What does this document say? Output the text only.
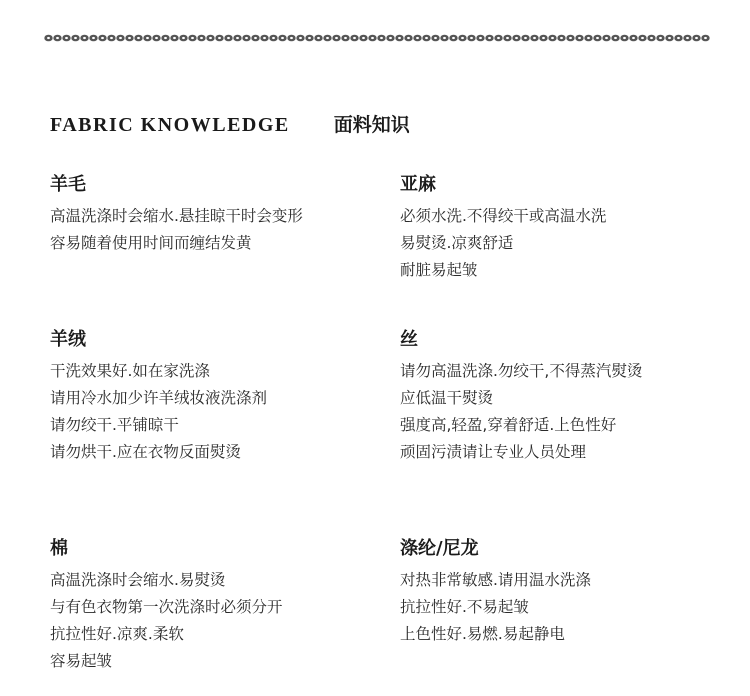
FABRIC KNOWLEDGE 面料知识
羊毛
高温洗涤时会缩水.悬挂晾干时会变形
容易随着使用时间而缠结发黄
亚麻
必须水洗.不得绞干或高温水洗
易熨烫.凉爽舒适
耐脏易起皱
羊绒
干洗效果好.如在家洗涤
请用冷水加少许羊绒妆液洗涤剂
请勿绞干.平铺晾干
请勿烘干.应在衣物反面熨烫
丝
请勿高温洗涤.勿绞干,不得蒸汽熨烫
应低温干熨烫
强度高,轻盈,穿着舒适.上色性好
顽固污渍请让专业人员处理
棉
高温洗涤时会缩水.易熨烫
与有色衣物第一次洗涤时必须分开
抗拉性好.凉爽.柔软
容易起皱
涤纶/尼龙
对热非常敏感.请用温水洗涤
抗拉性好.不易起皱
上色性好.易燃.易起静电
